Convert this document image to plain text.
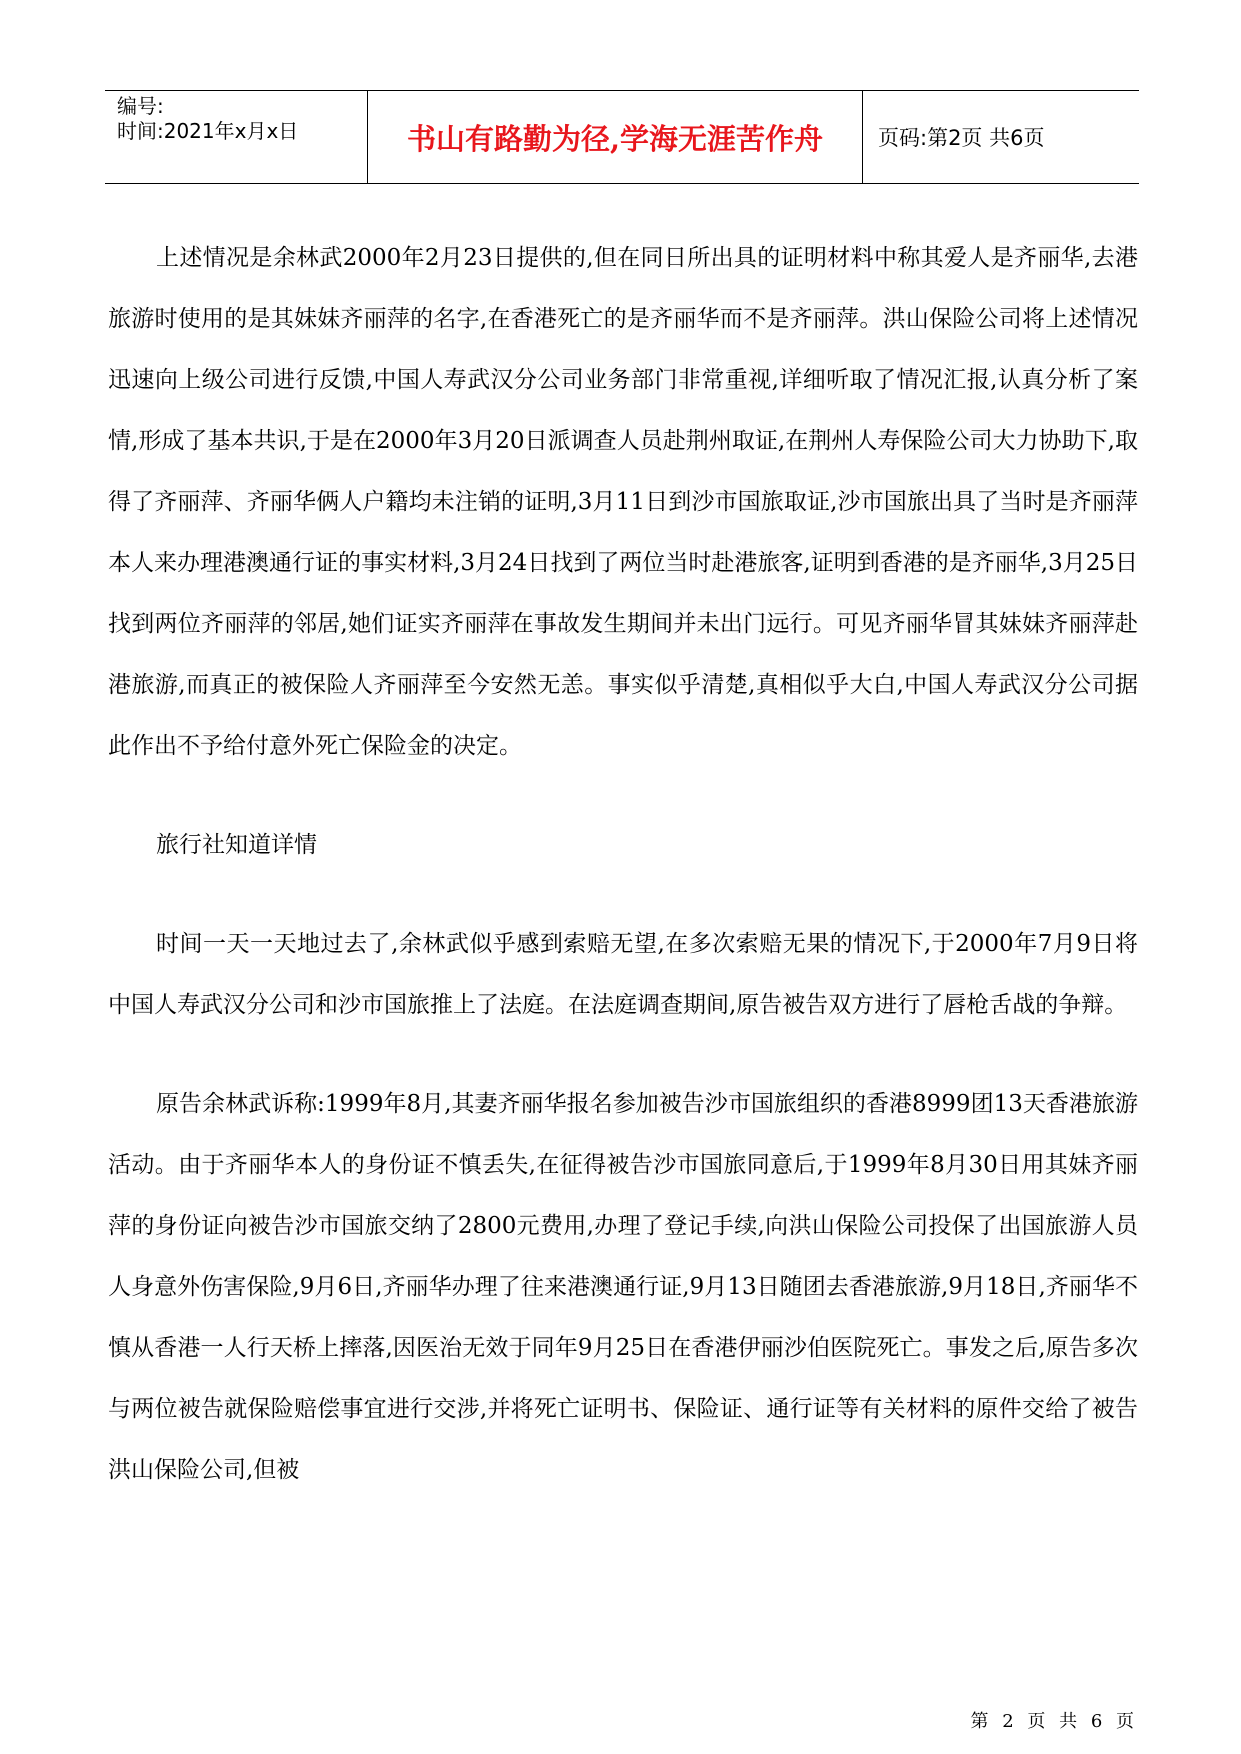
编号:
时间:2021年x月x日	书山有路勤为径,学海无涯苦作舟	页码:第2页 共6页

上述情况是余林武2000年2月23日提供的,但在同日所出具的证明材料中称其爱人是齐丽华,去港旅游时使用的是其妹妹齐丽萍的名字,在香港死亡的是齐丽华而不是齐丽萍。洪山保险公司将上述情况迅速向上级公司进行反馈,中国人寿武汉分公司业务部门非常重视,详细听取了情况汇报,认真分析了案情,形成了基本共识,于是在2000年3月20日派调查人员赴荆州取证,在荆州人寿保险公司大力协助下,取得了齐丽萍、齐丽华俩人户籍均未注销的证明,3月11日到沙市国旅取证,沙市国旅出具了当时是齐丽萍本人来办理港澳通行证的事实材料,3月24日找到了两位当时赴港旅客,证明到香港的是齐丽华,3月25日找到两位齐丽萍的邻居,她们证实齐丽萍在事故发生期间并未出门远行。可见齐丽华冒其妹妹齐丽萍赴港旅游,而真正的被保险人齐丽萍至今安然无恙。事实似乎清楚,真相似乎大白,中国人寿武汉分公司据此作出不予给付意外死亡保险金的决定。

旅行社知道详情

时间一天一天地过去了,余林武似乎感到索赔无望,在多次索赔无果的情况下,于2000年7月9日将中国人寿武汉分公司和沙市国旅推上了法庭。在法庭调查期间,原告被告双方进行了唇枪舌战的争辩。

原告余林武诉称:1999年8月,其妻齐丽华报名参加被告沙市国旅组织的香港8999团13天香港旅游活动。由于齐丽华本人的身份证不慎丢失,在征得被告沙市国旅同意后,于1999年8月30日用其妹齐丽萍的身份证向被告沙市国旅交纳了2800元费用,办理了登记手续,向洪山保险公司投保了出国旅游人员人身意外伤害保险,9月6日,齐丽华办理了往来港澳通行证,9月13日随团去香港旅游,9月18日,齐丽华不慎从香港一人行天桥上摔落,因医治无效于同年9月25日在香港伊丽沙伯医院死亡。事发之后,原告多次与两位被告就保险赔偿事宜进行交涉,并将死亡证明书、保险证、通行证等有关材料的原件交给了被告洪山保险公司,但被

第 2 页 共 6 页
